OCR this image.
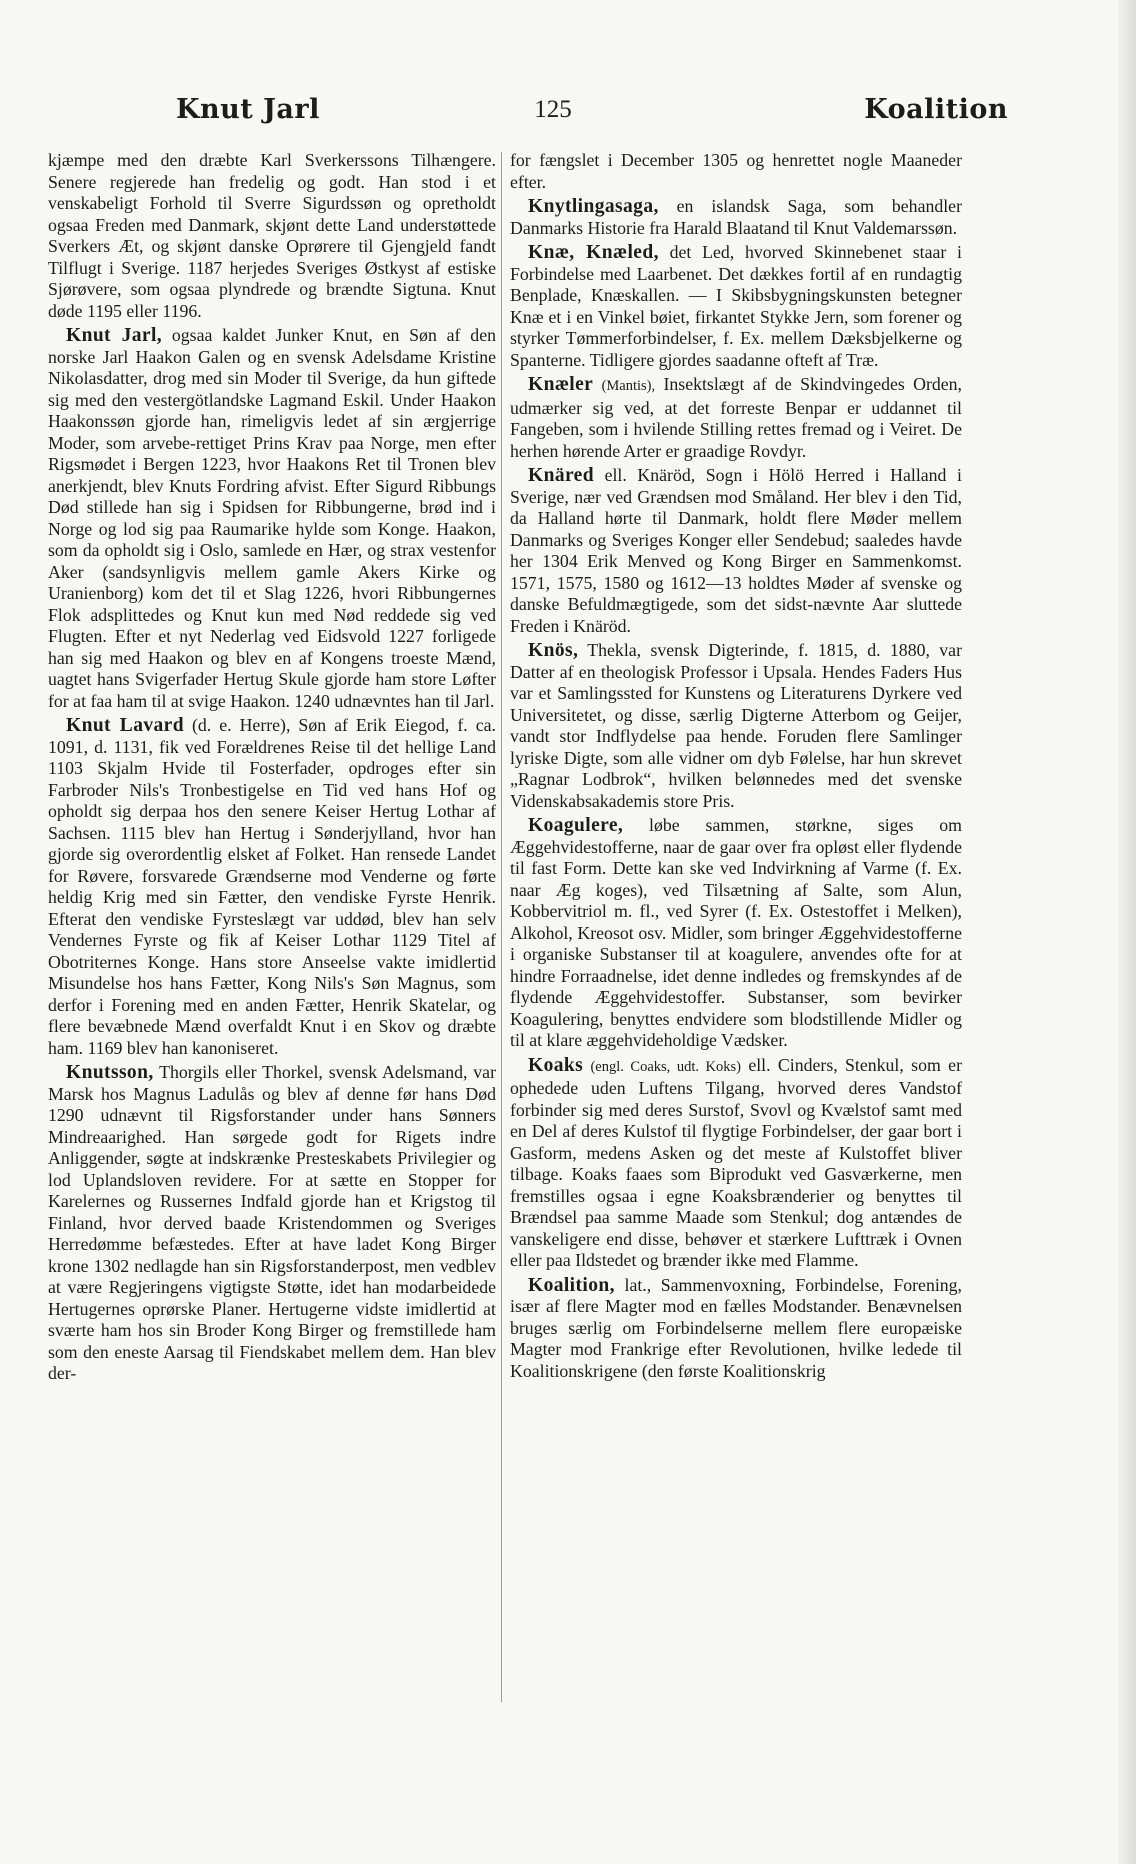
Knut Jarl	125	Koalition

kjæmpe med den dræbte Karl Sverkerssons Tilhængere. Senere regjerede han fredelig og godt. Han stod i et venskabeligt Forhold til Sverre Sigurdssøn og opretholdt ogsaa Freden med Danmark, skjønt dette Land understøttede Sverkers Æt, og skjønt danske Oprørere til Gjengjeld fandt Tilflugt i Sverige. 1187 herjedes Sveriges Østkyst af estiske Sjørøvere, som ogsaa plyndrede og brændte Sigtuna. Knut døde 1195 eller 1196.

Knut Jarl, ogsaa kaldet Junker Knut, en Søn af den norske Jarl Haakon Galen og en svensk Adelsdame Kristine Nikolasdatter, drog med sin Moder til Sverige, da hun giftede sig med den vestergötlandske Lagmand Eskil. Under Haakon Haakonssøn gjorde han, rimeligvis ledet af sin ærgjerrige Moder, som arvebe-rettiget Prins Krav paa Norge, men efter Rigsmødet i Bergen 1223, hvor Haakons Ret til Tronen blev anerkjendt, blev Knuts Fordring afvist. Efter Sigurd Ribbungs Død stillede han sig i Spidsen for Ribbungerne, brød ind i Norge og lod sig paa Raumarike hylde som Konge. Haakon, som da opholdt sig i Oslo, samlede en Hær, og strax vestenfor Aker (sandsynligvis mellem gamle Akers Kirke og Uranienborg) kom det til et Slag 1226, hvori Ribbungernes Flok adsplittedes og Knut kun med Nød reddede sig ved Flugten. Efter et nyt Nederlag ved Eidsvold 1227 forligede han sig med Haakon og blev en af Kongens troeste Mænd, uagtet hans Svigerfader Hertug Skule gjorde ham store Løfter for at faa ham til at svige Haakon. 1240 udnævntes han til Jarl.

Knut Lavard (d. e. Herre), Søn af Erik Eiegod, f. ca. 1091, d. 1131, fik ved Forældrenes Reise til det hellige Land 1103 Skjalm Hvide til Fosterfader, opdroges efter sin Farbroder Nils's Tronbestigelse en Tid ved hans Hof og opholdt sig derpaa hos den senere Keiser Hertug Lothar af Sachsen. 1115 blev han Hertug i Sønderjylland, hvor han gjorde sig overordentlig elsket af Folket. Han rensede Landet for Røvere, forsvarede Grændserne mod Venderne og førte heldig Krig med sin Fætter, den vendiske Fyrste Henrik. Efterat den vendiske Fyrsteslægt var uddød, blev han selv Vendernes Fyrste og fik af Keiser Lothar 1129 Titel af Obotriternes Konge. Hans store Anseelse vakte imidlertid Misundelse hos hans Fætter, Kong Nils's Søn Magnus, som derfor i Forening med en anden Fætter, Henrik Skatelar, og flere bevæbnede Mænd overfaldt Knut i en Skov og dræbte ham. 1169 blev han kanoniseret.

Knutsson, Thorgils eller Thorkel, svensk Adelsmand, var Marsk hos Magnus Ladulås og blev af denne før hans Død 1290 udnævnt til Rigsforstander under hans Sønners Mindreaarighed. Han sørgede godt for Rigets indre Anliggender, søgte at indskrænke Presteskabets Privilegier og lod Uplandsloven revidere. For at sætte en Stopper for Karelernes og Russernes Indfald gjorde han et Krigstog til Finland, hvor derved baade Kristendommen og Sveriges Herredømme befæstedes. Efter at have ladet Kong Birger krone 1302 nedlagde han sin Rigsforstanderpost, men vedblev at være Regjeringens vigtigste Støtte, idet han modarbeidede Hertugernes oprørske Planer. Hertugerne vidste imidlertid at sværte ham hos sin Broder Kong Birger og fremstillede ham som den eneste Aarsag til Fiendskabet mellem dem. Han blev der-

for fængslet i December 1305 og henrettet nogle Maaneder efter.

Knytlingasaga, en islandsk Saga, som behandler Danmarks Historie fra Harald Blaatand til Knut Valdemarssøn.

Knæ, Knæled, det Led, hvorved Skinnebenet staar i Forbindelse med Laarbenet. Det dækkes fortil af en rundagtig Benplade, Knæskallen. — I Skibsbygningskunsten betegner Knæ et i en Vinkel bøiet, firkantet Stykke Jern, som forener og styrker Tømmerforbindelser, f. Ex. mellem Dæksbjelkerne og Spanterne. Tidligere gjordes saadanne ofteft af Træ.

Knæler (Mantis), Insektslægt af de Skindvingedes Orden, udmærker sig ved, at det forreste Benpar er uddannet til Fangeben, som i hvilende Stilling rettes fremad og i Veiret. De herhen hørende Arter er graadige Rovdyr.

Knäred ell. Knäröd, Sogn i Hölö Herred i Halland i Sverige, nær ved Grændsen mod Småland. Her blev i den Tid, da Halland hørte til Danmark, holdt flere Møder mellem Danmarks og Sveriges Konger eller Sendebud; saaledes havde her 1304 Erik Menved og Kong Birger en Sammenkomst. 1571, 1575, 1580 og 1612—13 holdtes Møder af svenske og danske Befuldmægtigede, som det sidst-nævnte Aar sluttede Freden i Knäröd.

Knös, Thekla, svensk Digterinde, f. 1815, d. 1880, var Datter af en theologisk Professor i Upsala. Hendes Faders Hus var et Samlingssted for Kunstens og Literaturens Dyrkere ved Universitetet, og disse, særlig Digterne Atterbom og Geijer, vandt stor Indflydelse paa hende. Foruden flere Samlinger lyriske Digte, som alle vidner om dyb Følelse, har hun skrevet „Ragnar Lodbrok“, hvilken belønnedes med det svenske Videnskabsakademis store Pris.

Koagulere, løbe sammen, størkne, siges om Æggehvidestofferne, naar de gaar over fra opløst eller flydende til fast Form. Dette kan ske ved Indvirkning af Varme (f. Ex. naar Æg koges), ved Tilsætning af Salte, som Alun, Kobbervitriol m. fl., ved Syrer (f. Ex. Ostestoffet i Melken), Alkohol, Kreosot osv. Midler, som bringer Æggehvidestofferne i organiske Substanser til at koagulere, anvendes ofte for at hindre Forraadnelse, idet denne indledes og fremskyndes af de flydende Æggehvidestoffer. Substanser, som bevirker Koagulering, benyttes endvidere som blodstillende Midler og til at klare æggehvideholdige Vædsker.

Koaks (engl. Coaks, udt. Koks) ell. Cinders, Stenkul, som er ophedede uden Luftens Tilgang, hvorved deres Vandstof forbinder sig med deres Surstof, Svovl og Kvælstof samt med en Del af deres Kulstof til flygtige Forbindelser, der gaar bort i Gasform, medens Asken og det meste af Kulstoffet bliver tilbage. Koaks faaes som Biprodukt ved Gasværkerne, men fremstilles ogsaa i egne Koaksbrænderier og benyttes til Brændsel paa samme Maade som Stenkul; dog antændes de vanskeligere end disse, behøver et stærkere Lufttræk i Ovnen eller paa Ildstedet og brænder ikke med Flamme.

Koalition, lat., Sammenvoxning, Forbindelse, Forening, især af flere Magter mod en fælles Modstander. Benævnelsen bruges særlig om Forbindelserne mellem flere europæiske Magter mod Frankrige efter Revolutionen, hvilke ledede til Koalitionskrigene (den første Koalitionskrig
